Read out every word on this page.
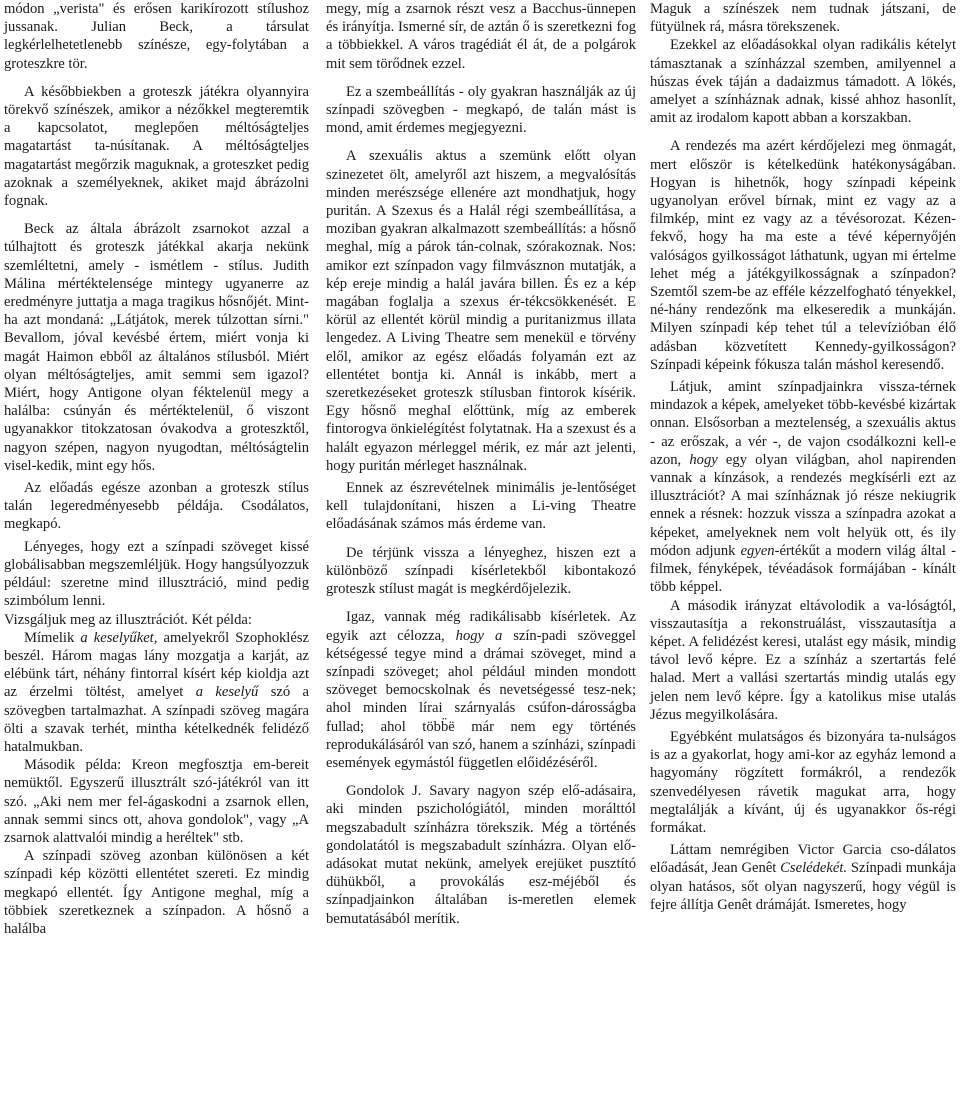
módon „verista" és erősen karikírozott stílushoz jussanak. Julian Beck, a társulat legkérlelhetetlenebb színésze, egy-folytában a groteszkre tör.

A későbbiekben a groteszk játékra olyannyira törekvő színészek, amikor a nézőkkel megteremtik a kapcsolatot, meglepően méltóságteljes magatartást ta-núsítanak. A méltóságteljes magatartást megőrzik maguknak, a groteszket pedig azoknak a személyeknek, akiket majd ábrázolni fognak.

Beck az általa ábrázolt zsarnokot azzal a túlhajtott és groteszk játékkal akarja nekünk szemléltetni, amely - ismétlem - stílus. Judith Málina mértéktelensége mintegy ugyanerre az eredményre juttatja a maga tragikus hősnőjét. Mint-ha azt mondaná: „Látjátok, merek túlzottan sírni." Bevallom, jóval kevésbé értem, miért vonja ki magát Haimon ebből az általános stílusból. Miért olyan méltóságteljes, amit semmi sem igazol? Miért, hogy Antigone olyan féktelenül megy a halálba: csúnyán és mértéktelenül, ő viszont ugyanakkor titokzatosan óvakodva a groteszktől, nagyon szépen, nagyon nyugodtan, méltóságtelin visel-kedik, mint egy hős.

Az előadás egésze azonban a groteszk stílus talán legeredményesebb példája. Csodálatos, megkapó.

Lényeges, hogy ezt a színpadi szöveget kissé globálisabban megszemléljük. Hogy hangsúlyozzuk például: szeretne mind illusztráció, mind pedig szimbólum lenni.

Vizsgáljuk meg az illusztrációt. Két példa:

Mímelik a keselyűket, amelyekről Szophoklész beszél. Három magas lány mozgatja a karját, az elébünk tárt, néhány fintorral kísért kép kioldja azt az érzelmi töltést, amelyet a keselyű szó a szövegben tartalmazhat. A színpadi szöveg magára ölti a szavak terhét, mintha kételkednék felidéző hatalmukban.

Második példa: Kreon megfosztja em-bereit nemüktől. Egyszerű illusztrált szó-játékról van itt szó. „Aki nem mer fel-ágaskodni a zsarnok ellen, annak semmi sincs ott, ahova gondolok", vagy „A zsarnok alattvalói mindig a heréltek" stb.

A színpadi szöveg azonban különösen a két színpadi kép közötti ellentétet szereti. Ez mindig megkapó ellentét. Így Antigone meghal, míg a többiek szeretkeznek a színpadon. A hősnő a halálba

megy, míg a zsarnok részt vesz a Bacchus-ünnepen és irányítja. Ismerné sír, de aztán ő is szeretkezni fog a többiekkel. A város tragédiát él át, de a polgárok mit sem törődnek ezzel.

Ez a szembeállítás - oly gyakran használják az új színpadi szövegben - megkapó, de talán mást is mond, amit érdemes megjegyezni.

A szexuális aktus a szemünk előtt olyan szinezetet ölt, amelyről azt hiszem, a megvalósítás minden merészsége ellenére azt mondhatjuk, hogy puritán. A Szexus és a Halál régi szembeállítása, a moziban gyakran alkalmazott szembeállítás: a hősnő meghal, míg a párok tán-colnak, szórakoznak. Nos: amikor ezt színpadon vagy filmvásznon mutatják, a kép ereje mindig a halál javára billen. És ez a kép magában foglalja a szexus ér-tékcsökkenését. E körül az ellentét körül mindig a puritanizmus illata lengedez. A Living Theatre sem menekül e törvény elől, amikor az egész előadás folyamán ezt az ellentétet bontja ki. Annál is inkább, mert a szeretkezéseket groteszk stílusban fintorok kísérik. Egy hősnő meghal előttünk, míg az emberek fintorogva önkielégítést folytatnak. Ha a szexust és a halált egyazon mérleggel mérik, ez már azt jelenti, hogy puritán mérleget használnak.

Ennek az észrevételnek minimális je-lentőséget kell tulajdonítani, hiszen a Li-ving Theatre előadásának számos más érdeme van.

De térjünk vissza a lényeghez, hiszen ezt a különböző színpadi kísérletekből kibontakozó groteszk stílust magát is megkérdőjelezik.

Igaz, vannak még radikálisabb kísérletek. Az egyik azt célozza, hogy a szín-padi szöveggel kétségessé tegye mind a drámai szöveget, mind a színpadi szöveget; ahol például minden mondott szöveget bemocskolnak és nevetségessé tesz-nek; ahol minden lírai szárnyalás csúfon-dárosságba fullad; ahol több̈ë már nem egy történés reprodukálásáról van szó, hanem a színházi, színpadi események egymástól független előidézéséről.

Gondolok J. Savary nagyon szép elő-adásaira, aki minden pszichológiától, minden morálttól megszabadult színházra törekszik. Még a történés gondolatától is megszabadult színházra. Olyan elő-adásokat mutat nekünk, amelyek erejüket pusztító dühükből, a provokálás esz-méjéből és színpadjainkon általában is-meretlen elemek bemutatásából merítik.

Maguk a színészek nem tudnak játszani, de fütyülnek rá, másra törekszenek.

Ezekkel az előadásokkal olyan radikális kételyt támasztanak a színházzal szemben, amilyennel a húszas évek táján a dadaizmus támadott. A lökés, amelyet a színháznak adnak, kissé ahhoz hasonlít, amit az irodalom kapott abban a korszakban.

A rendezés ma azért kérdőjelezi meg önmagát, mert először is kételkedünk hatékonyságában. Hogyan is hihetnők, hogy színpadi képeink ugyanolyan erővel bírnak, mint ez vagy az a filmkép, mint ez vagy az a tévésorozat. Kézen-fekvő, hogy ha ma este a tévé képernyőjén valóságos gyilkosságot láthatunk, ugyan mi értelme lehet még a játékgyilkosságnak a színpadon? Szemtől szem-be az efféle kézzelfogható tényekkel, né-hány rendezőnk ma elkeseredik a munkáján. Milyen színpadi kép tehet túl a televízióban élő adásban közvetített Kennedy-gyilkosságon? Színpadi képeink fókusza talán máshol keresendő.

Látjuk, amint színpadjainkra vissza-térnek mindazok a képek, amelyeket több-kevésbé kizártak onnan. Elsősorban a meztelenség, a szexuális aktus - az erőszak, a vér -, de vajon csodálkozni kell-e azon, hogy egy olyan világban, ahol napirenden vannak a kínzások, a rendezés megkísérli ezt az illusztrációt? A mai színháznak jó része nekiugrik ennek a résnek: hozzuk vissza a színpadra azokat a képeket, amelyeknek nem volt helyük ott, és ily módon adjunk egyen-értékűt a modern világ által - filmek, fényképek, tévéadások formájában - kínált több képpel.

A második irányzat eltávolodik a va-lóságtól, visszautasítja a rekonstruálást, visszautasítja a képet. A felidézést keresi, utalást egy másik, mindig távol levő képre. Ez a színház a szertartás felé halad. Mert a vallási szertartás mindig utalás egy jelen nem levő képre. Így a katolikus mise utalás Jézus megyilkolására.

Egyébként mulatságos és bizonyára ta-nulságos is az a gyakorlat, hogy ami-kor az egyház lemond a hagyomány rögzített formákról, a rendezők szenvedélyesen rávetik magukat arra, hogy megtalálják a kívánt, új és ugyanakkor ős-régi formákat.

Láttam nemrégiben Victor Garcia cso-dálatos előadását, Jean Genêt Cselédekét. Színpadi munkája olyan hatásos, sőt olyan nagyszerű, hogy végül is fejre állítja Genêt drámáját. Ismeretes, hogy
